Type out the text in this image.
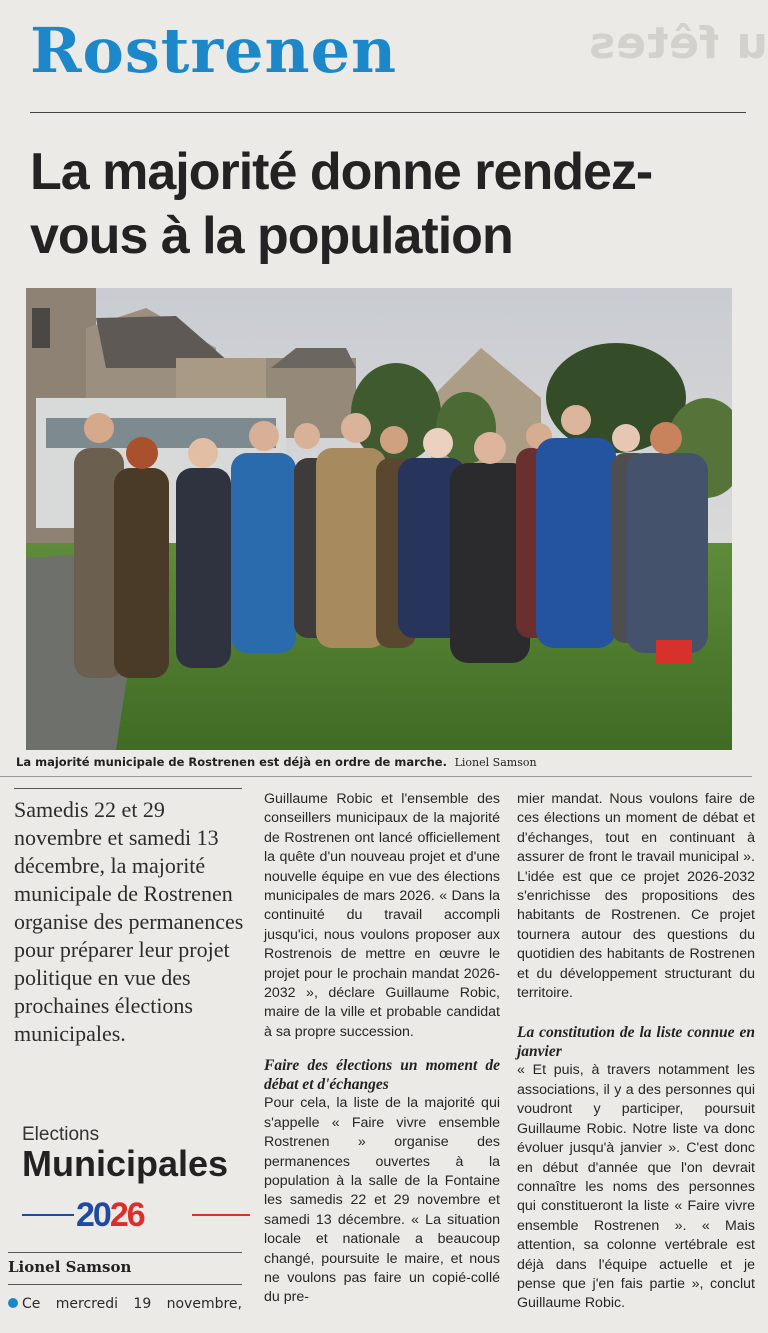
u fêtes
Rostrenen
La majorité donne rendez-vous à la population
La majorité municipale de Rostrenen est déjà en ordre de marche. Lionel Samson
Samedis 22 et 29 novembre et samedi 13 décembre, la majorité municipale de Rostrenen organise des permanences pour préparer leur projet politique en vue des prochaines élections municipales.
Elections
Municipales
2026
Lionel Samson
Ce mercredi 19 novembre,

Guillaume Robic et l'ensemble des conseillers municipaux de la majorité de Rostrenen ont lancé officiellement la quête d'un nouveau projet et d'une nouvelle équipe en vue des élections municipales de mars 2026. « Dans la continuité du travail accompli jusqu'ici, nous voulons proposer aux Rostrenois de mettre en œuvre le projet pour le prochain mandat 2026-2032 », déclare Guillaume Robic, maire de la ville et probable candidat à sa propre succession.

Faire des élections un moment de débat et d'échanges

Pour cela, la liste de la majorité qui s'appelle « Faire vivre ensemble Rostrenen » organise des permanences ouvertes à la population à la salle de la Fontaine les samedis 22 et 29 novembre et samedi 13 décembre. « La situation locale et nationale a beaucoup changé, poursuite le maire, et nous ne voulons pas faire un copié-collé du pre-

mier mandat. Nous voulons faire de ces élections un moment de débat et d'échanges, tout en continuant à assurer de front le travail municipal ». L'idée est que ce projet 2026-2032 s'enrichisse des propositions des habitants de Rostrenen. Ce projet tournera autour des questions du quotidien des habitants de Rostrenen et du développement structurant du territoire.

La constitution de la liste connue en janvier

« Et puis, à travers notamment les associations, il y a des personnes qui voudront y participer, poursuit Guillaume Robic. Notre liste va donc évoluer jusqu'à janvier ». C'est donc en début d'année que l'on devrait connaître les noms des personnes qui constitueront la liste « Faire vivre ensemble Rostrenen ». « Mais attention, sa colonne vertébrale est déjà dans l'équipe actuelle et je pense que j'en fais partie », conclut Guillaume Robic.
